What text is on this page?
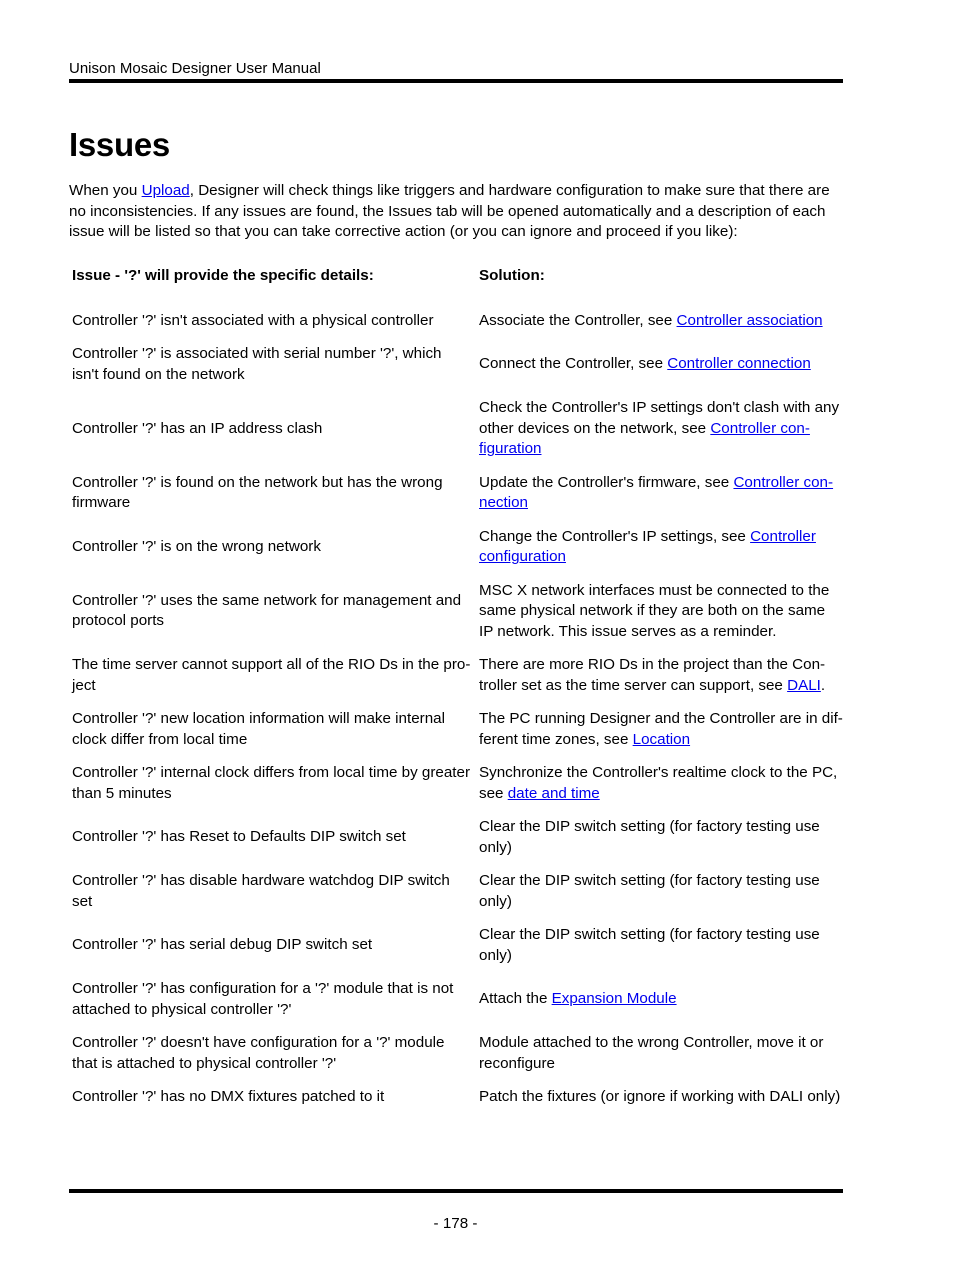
Unison Mosaic Designer User Manual
Issues

When you Upload, Designer will check things like triggers and hardware configuration to make sure that there are no inconsistencies. If any issues are found, the Issues tab will be opened automatically and a description of each issue will be listed so that you can take corrective action (or you can ignore and proceed if you like):

Issue - '?' will provide the specific details:	Solution:
Controller '?' isn't associated with a physical controller	Associate the Controller, see Controller association
Controller '?' is associated with serial number '?', which isn't found on the network	Connect the Controller, see Controller connection
Controller '?' has an IP address clash	Check the Controller's IP settings don't clash with any other devices on the network, see Controller con-figuration
Controller '?' is found on the network but has the wrong firmware	Update the Controller's firmware, see Controller con-nection
Controller '?' is on the wrong network	Change the Controller's IP settings, see Controller configuration
Controller '?' uses the same network for management and protocol ports	MSC X network interfaces must be connected to the same physical network if they are both on the same IP network. This issue serves as a reminder.
The time server cannot support all of the RIO Ds in the pro-ject	There are more RIO Ds in the project than the Con-troller set as the time server can support, see DALI.
Controller '?' new location information will make internal clock differ from local time	The PC running Designer and the Controller are in dif-ferent time zones, see Location
Controller '?' internal clock differs from local time by greater than 5 minutes	Synchronize the Controller's realtime clock to the PC, see date and time
Controller '?' has Reset to Defaults DIP switch set	Clear the DIP switch setting (for factory testing use only)
Controller '?' has disable hardware watchdog DIP switch set	Clear the DIP switch setting (for factory testing use only)
Controller '?' has serial debug DIP switch set	Clear the DIP switch setting (for factory testing use only)
Controller '?' has configuration for a '?' module that is not attached to physical controller '?'	Attach the Expansion Module
Controller '?' doesn't have configuration for a '?' module that is attached to physical controller '?'	Module attached to the wrong Controller, move it or reconfigure
Controller '?' has no DMX fixtures patched to it	Patch the fixtures (or ignore if working with DALI only)
- 178 -
